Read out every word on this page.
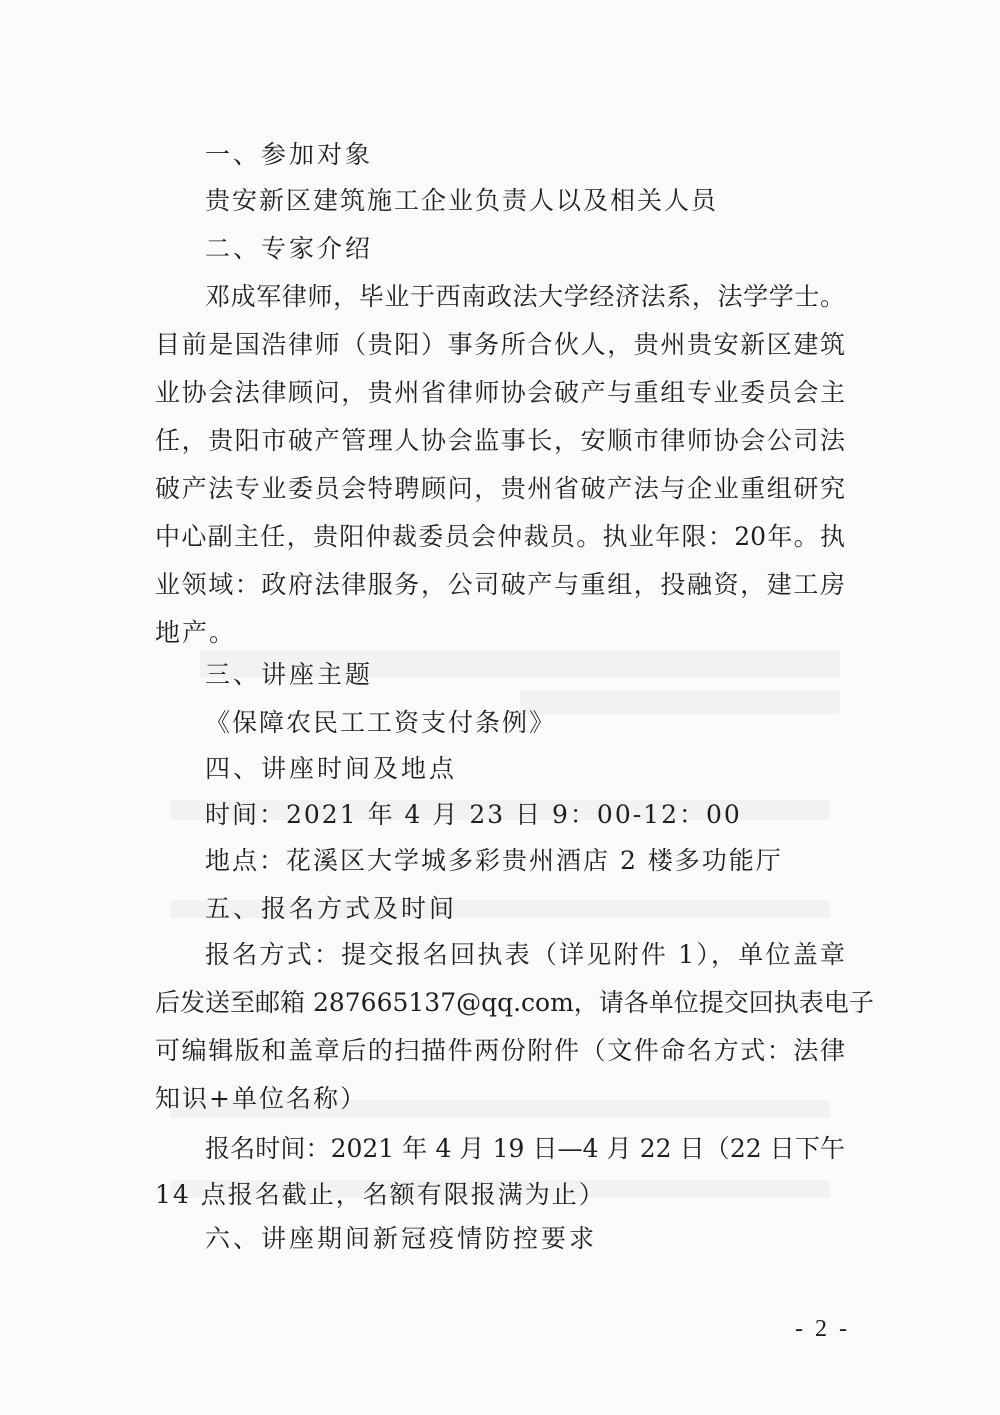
一、参加对象
贵安新区建筑施工企业负责人以及相关人员
二、专家介绍
邓成军律师，毕业于西南政法大学经济法系，法学学士。
目前是国浩律师（贵阳）事务所合伙人，贵州贵安新区建筑
业协会法律顾问，贵州省律师协会破产与重组专业委员会主
任，贵阳市破产管理人协会监事长，安顺市律师协会公司法
破产法专业委员会特聘顾问，贵州省破产法与企业重组研究
中心副主任，贵阳仲裁委员会仲裁员。执业年限：20年。执
业领域：政府法律服务，公司破产与重组，投融资，建工房
地产。
三、讲座主题
《保障农民工工资支付条例》
四、讲座时间及地点
时间：2021 年 4 月 23 日 9：00-12：00
地点：花溪区大学城多彩贵州酒店 2 楼多功能厅
五、报名方式及时间
报名方式：提交报名回执表（详见附件 1），单位盖章
后发送至邮箱 287665137@qq.com，请各单位提交回执表电子
可编辑版和盖章后的扫描件两份附件（文件命名方式：法律
知识+单位名称）
报名时间：2021 年 4 月 19 日—4 月 22 日（22 日下午
14 点报名截止，名额有限报满为止）
六、讲座期间新冠疫情防控要求
- 2 -
